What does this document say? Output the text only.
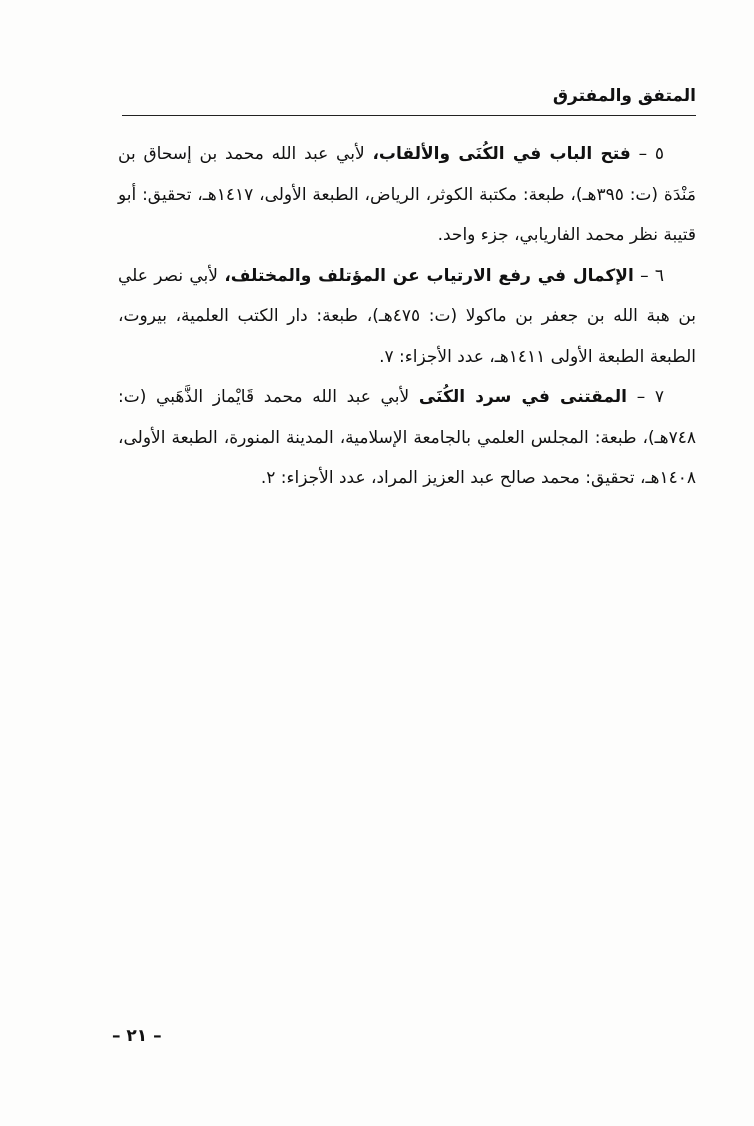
المتفق والمفترق

٥ – فتح الباب في الكُنَى والألقاب، لأبي عبد الله محمد بن إسحاق بن مَنْدَة (ت: ٣٩٥هـ)، طبعة: مكتبة الكوثر، الرياض، الطبعة الأولى، ١٤١٧هـ، تحقيق: أبو قتيبة نظر محمد الفاريابي، جزء واحد.

٦ – الإكمال في رفع الارتياب عن المؤتلف والمختلف، لأبي نصر علي بن هبة الله بن جعفر بن ماكولا (ت: ٤٧٥هـ)، طبعة: دار الكتب العلمية، بيروت، الطبعة الطبعة الأولى ١٤١١هـ، عدد الأجزاء: ٧.

٧ – المقتنى في سرد الكُنَى لأبي عبد الله محمد قَايْماز الذَّهَبي (ت: ٧٤٨هـ)، طبعة: المجلس العلمي بالجامعة الإسلامية، المدينة المنورة، الطبعة الأولى، ١٤٠٨هـ، تحقيق: محمد صالح عبد العزيز المراد، عدد الأجزاء: ٢.

– ٢١ –
